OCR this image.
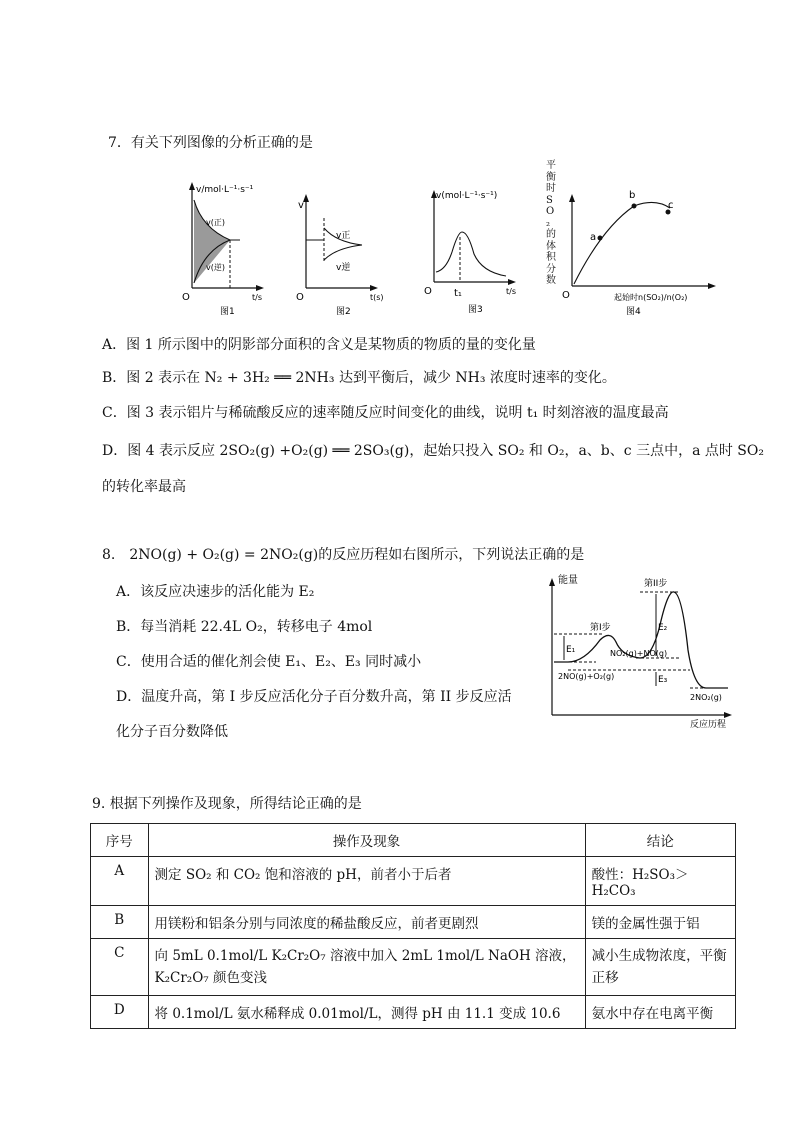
7．有关下列图像的分析正确的是
v/mol·L⁻¹·s⁻¹
v(正)
v(逆)
O	t/s
图1
v
v正
v逆
O	t(s)
图2
v(mol·L⁻¹·s⁻¹)
O t₁	t/s
图3
平衡时SO₂的体积分数
a
b
c
O	起始时n(SO₂)/n(O₂)
图4
A．图 1 所示图中的阴影部分面积的含义是某物质的物质的量的变化量
B．图 2 表示在 N₂ + 3H₂ ══ 2NH₃ 达到平衡后，减少 NH₃ 浓度时速率的变化。
C．图 3 表示铝片与稀硫酸反应的速率随反应时间变化的曲线，说明 t₁ 时刻溶液的温度最高
D．图 4 表示反应 2SO₂(g) +O₂(g) ══ 2SO₃(g)，起始只投入 SO₂ 和 O₂，a、b、c 三点中，a 点时 SO₂
的转化率最高
8.　2NO(g) + O₂(g) = 2NO₂(g)的反应历程如右图所示，下列说法正确的是
A．该反应决速步的活化能为 E₂
B．每当消耗 22.4L O₂，转移电子 4mol
C．使用合适的催化剂会使 E₁、E₂、E₃ 同时减小
D．温度升高，第 I 步反应活化分子百分数升高，第 II 步反应活
化分子百分数降低
能量
第I步
第II步
E₁
E₂
E₃
2NO(g)+O₂(g)
NO₂(g)+NO(g)
2NO₂(g)
反应历程
9. 根据下列操作及现象，所得结论正确的是
序号	操作及现象	结论
A	测定 SO₂ 和 CO₂ 饱和溶液的 pH，前者小于后者	酸性：H₂SO₃＞H₂CO₃
B	用镁粉和铝条分别与同浓度的稀盐酸反应，前者更剧烈	镁的金属性强于铝
C	向 5mL 0.1mol/L K₂Cr₂O₇ 溶液中加入 2mL 1mol/L NaOH 溶液，K₂Cr₂O₇ 颜色变浅	减小生成物浓度，平衡正移
D	将 0.1mol/L 氨水稀释成 0.01mol/L，测得 pH 由 11.1 变成 10.6	氨水中存在电离平衡
